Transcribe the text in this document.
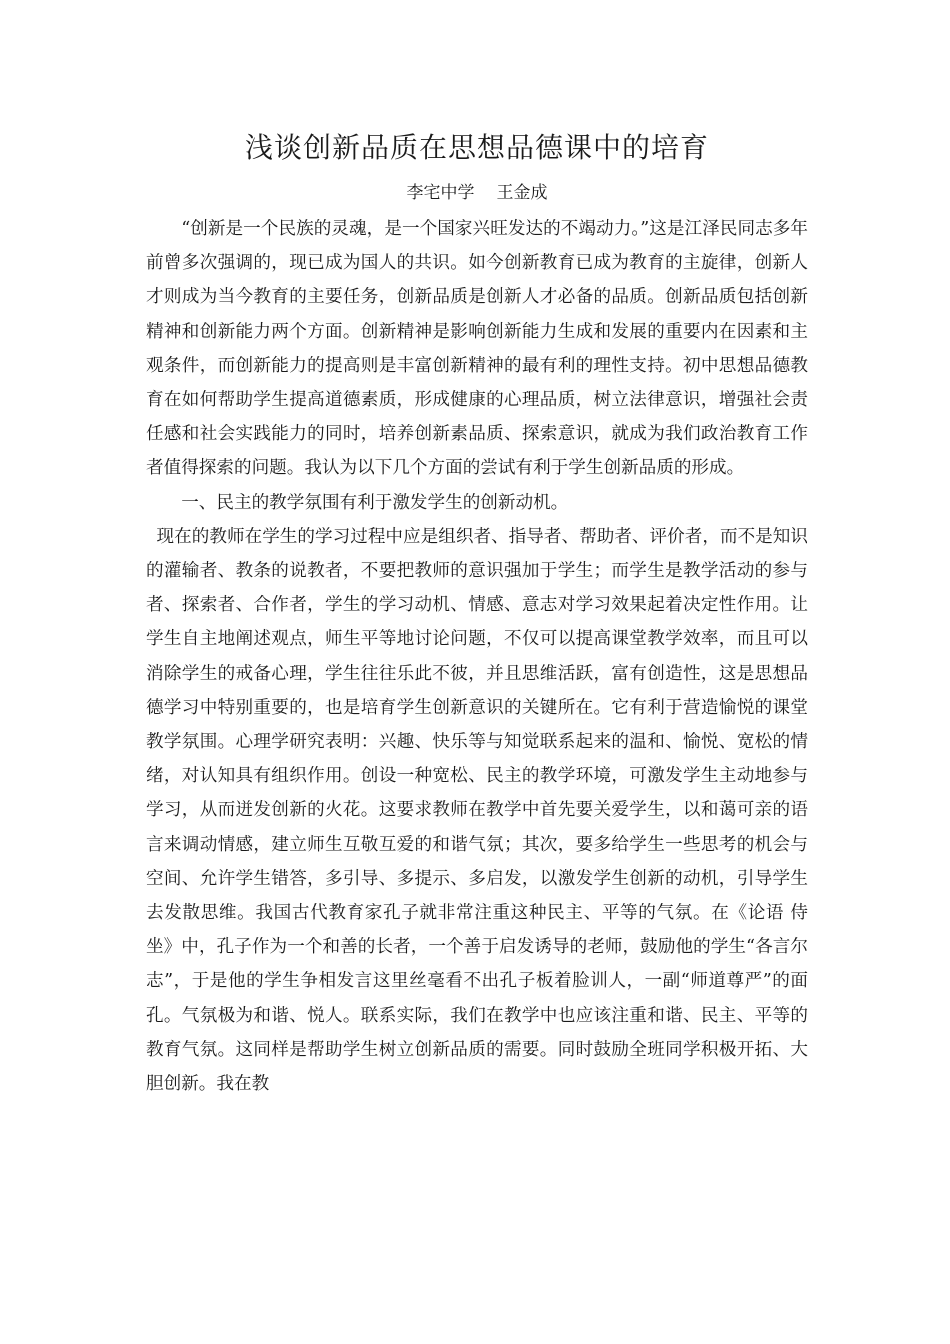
浅谈创新品质在思想品德课中的培育

李宅中学 王金成

“创新是一个民族的灵魂，是一个国家兴旺发达的不竭动力。”这是江泽民同志多年前曾多次强调的，现已成为国人的共识。如今创新教育已成为教育的主旋律，创新人才则成为当今教育的主要任务，创新品质是创新人才必备的品质。创新品质包括创新精神和创新能力两个方面。创新精神是影响创新能力生成和发展的重要内在因素和主观条件，而创新能力的提高则是丰富创新精神的最有利的理性支持。初中思想品德教育在如何帮助学生提高道德素质，形成健康的心理品质，树立法律意识，增强社会责任感和社会实践能力的同时，培养创新素品质、探索意识，就成为我们政治教育工作者值得探索的问题。我认为以下几个方面的尝试有利于学生创新品质的形成。

一、民主的教学氛围有利于激发学生的创新动机。

现在的教师在学生的学习过程中应是组织者、指导者、帮助者、评价者，而不是知识的灌输者、教条的说教者，不要把教师的意识强加于学生；而学生是教学活动的参与者、探索者、合作者，学生的学习动机、情感、意志对学习效果起着决定性作用。让学生自主地阐述观点，师生平等地讨论问题，不仅可以提高课堂教学效率，而且可以消除学生的戒备心理，学生往往乐此不彼，并且思维活跃，富有创造性，这是思想品德学习中特别重要的，也是培育学生创新意识的关键所在。它有利于营造愉悦的课堂教学氛围。心理学研究表明：兴趣、快乐等与知觉联系起来的温和、愉悦、宽松的情绪，对认知具有组织作用。创设一种宽松、民主的教学环境，可激发学生主动地参与学习，从而迸发创新的火花。这要求教师在教学中首先要关爱学生，以和蔼可亲的语言来调动情感，建立师生互敬互爱的和谐气氛；其次，要多给学生一些思考的机会与空间、允许学生错答，多引导、多提示、多启发，以激发学生创新的动机，引导学生去发散思维。我国古代教育家孔子就非常注重这种民主、平等的气氛。在《论语 侍坐》中，孔子作为一个和善的长者，一个善于启发诱导的老师，鼓励他的学生“各言尔志”，于是他的学生争相发言这里丝毫看不出孔子板着脸训人，一副“师道尊严”的面孔。气氛极为和谐、悦人。联系实际，我们在教学中也应该注重和谐、民主、平等的教育气氛。这同样是帮助学生树立创新品质的需要。同时鼓励全班同学积极开拓、大胆创新。我在教
